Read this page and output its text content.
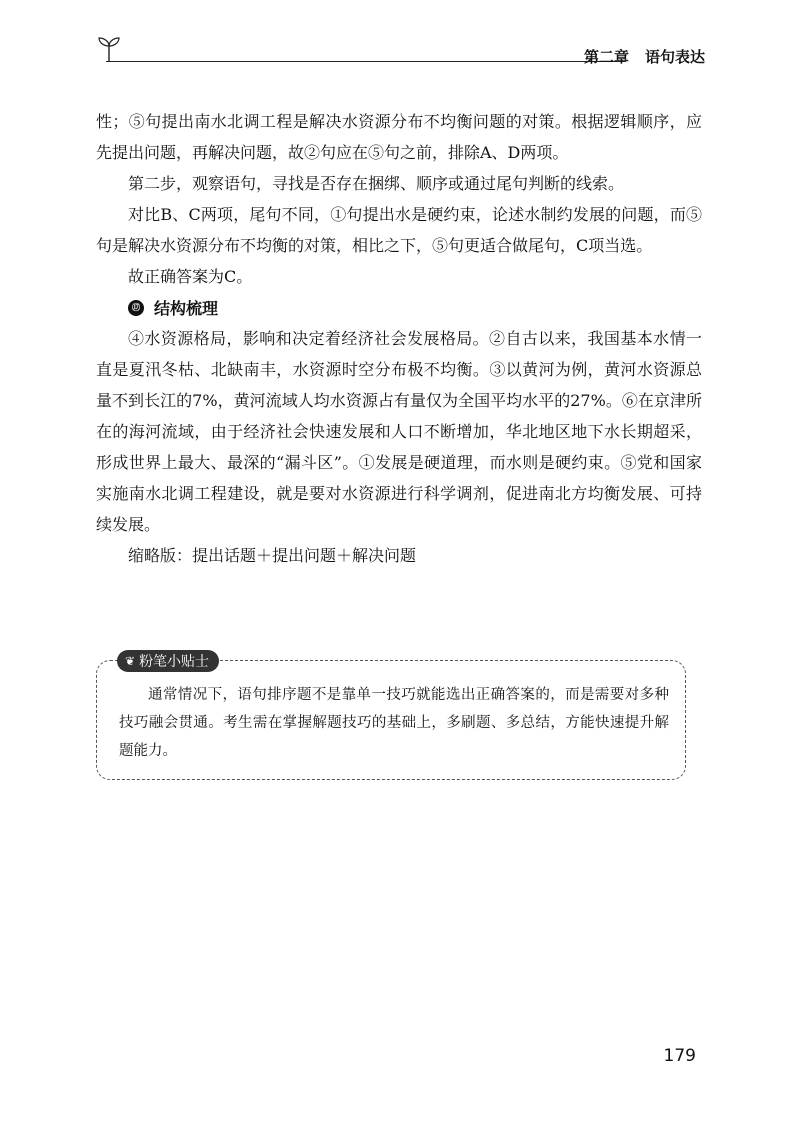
第二章 语句表达

性；⑤句提出南水北调工程是解决水资源分布不均衡问题的对策。根据逻辑顺序，应先提出问题，再解决问题，故②句应在⑤句之前，排除A、D两项。

第二步，观察语句，寻找是否存在捆绑、顺序或通过尾句判断的线索。

对比B、C两项，尾句不同，①句提出水是硬约束，论述水制约发展的问题，而⑤句是解决水资源分布不均衡的对策，相比之下，⑤句更适合做尾句，C项当选。

故正确答案为C。

⑰ 结构梳理

④水资源格局，影响和决定着经济社会发展格局。②自古以来，我国基本水情一直是夏汛冬枯、北缺南丰，水资源时空分布极不均衡。③以黄河为例，黄河水资源总量不到长江的7%，黄河流域人均水资源占有量仅为全国平均水平的27%。⑥在京津所在的海河流域，由于经济社会快速发展和人口不断增加，华北地区地下水长期超采，形成世界上最大、最深的“漏斗区”。①发展是硬道理，而水则是硬约束。⑤党和国家实施南水北调工程建设，就是要对水资源进行科学调剂，促进南北方均衡发展、可持续发展。

缩略版：提出话题＋提出问题＋解决问题

❦ 粉笔小贴士
通常情况下，语句排序题不是靠单一技巧就能选出正确答案的，而是需要对多种技巧融会贯通。考生需在掌握解题技巧的基础上，多刷题、多总结，方能快速提升解题能力。
179
